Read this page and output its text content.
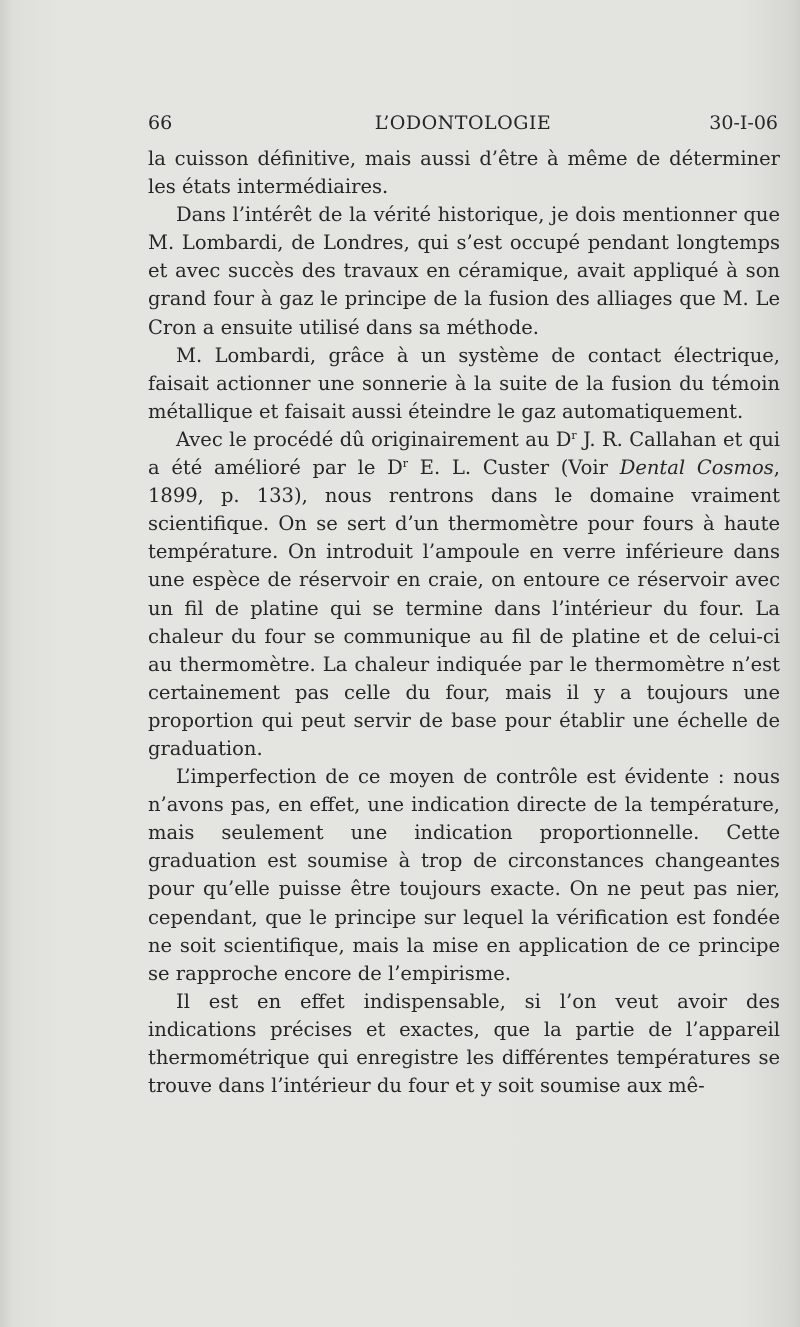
66	L’ODONTOLOGIE	30-I-06

la cuisson définitive, mais aussi d’être à même de déterminer les états intermédiaires.

Dans l’intérêt de la vérité historique, je dois mentionner que M. Lombardi, de Londres, qui s’est occupé pendant longtemps et avec succès des travaux en céramique, avait appliqué à son grand four à gaz le principe de la fusion des alliages que M. Le Cron a ensuite utilisé dans sa méthode.

M. Lombardi, grâce à un système de contact électrique, faisait actionner une sonnerie à la suite de la fusion du témoin métallique et faisait aussi éteindre le gaz automatiquement.

Avec le procédé dû originairement au $D^r$ J. R. Callahan et qui a été amélioré par le $D^r$ E. L. Custer (Voir Dental Cosmos, 1899, p. 133), nous rentrons dans le domaine vraiment scientifique. On se sert d’un thermomètre pour fours à haute température. On introduit l’ampoule en verre inférieure dans une espèce de réservoir en craie, on entoure ce réservoir avec un fil de platine qui se termine dans l’intérieur du four. La chaleur du four se communique au fil de platine et de celui-ci au thermomètre. La chaleur indiquée par le thermomètre n’est certainement pas celle du four, mais il y a toujours une proportion qui peut servir de base pour établir une échelle de graduation.

L’imperfection de ce moyen de contrôle est évidente : nous n’avons pas, en effet, une indication directe de la température, mais seulement une indication proportionnelle. Cette graduation est soumise à trop de circonstances changeantes pour qu’elle puisse être toujours exacte. On ne peut pas nier, cependant, que le principe sur lequel la vérification est fondée ne soit scientifique, mais la mise en application de ce principe se rapproche encore de l’empirisme.

Il est en effet indispensable, si l’on veut avoir des indications précises et exactes, que la partie de l’appareil thermométrique qui enregistre les différentes températures se trouve dans l’intérieur du four et y soit soumise aux mê-
